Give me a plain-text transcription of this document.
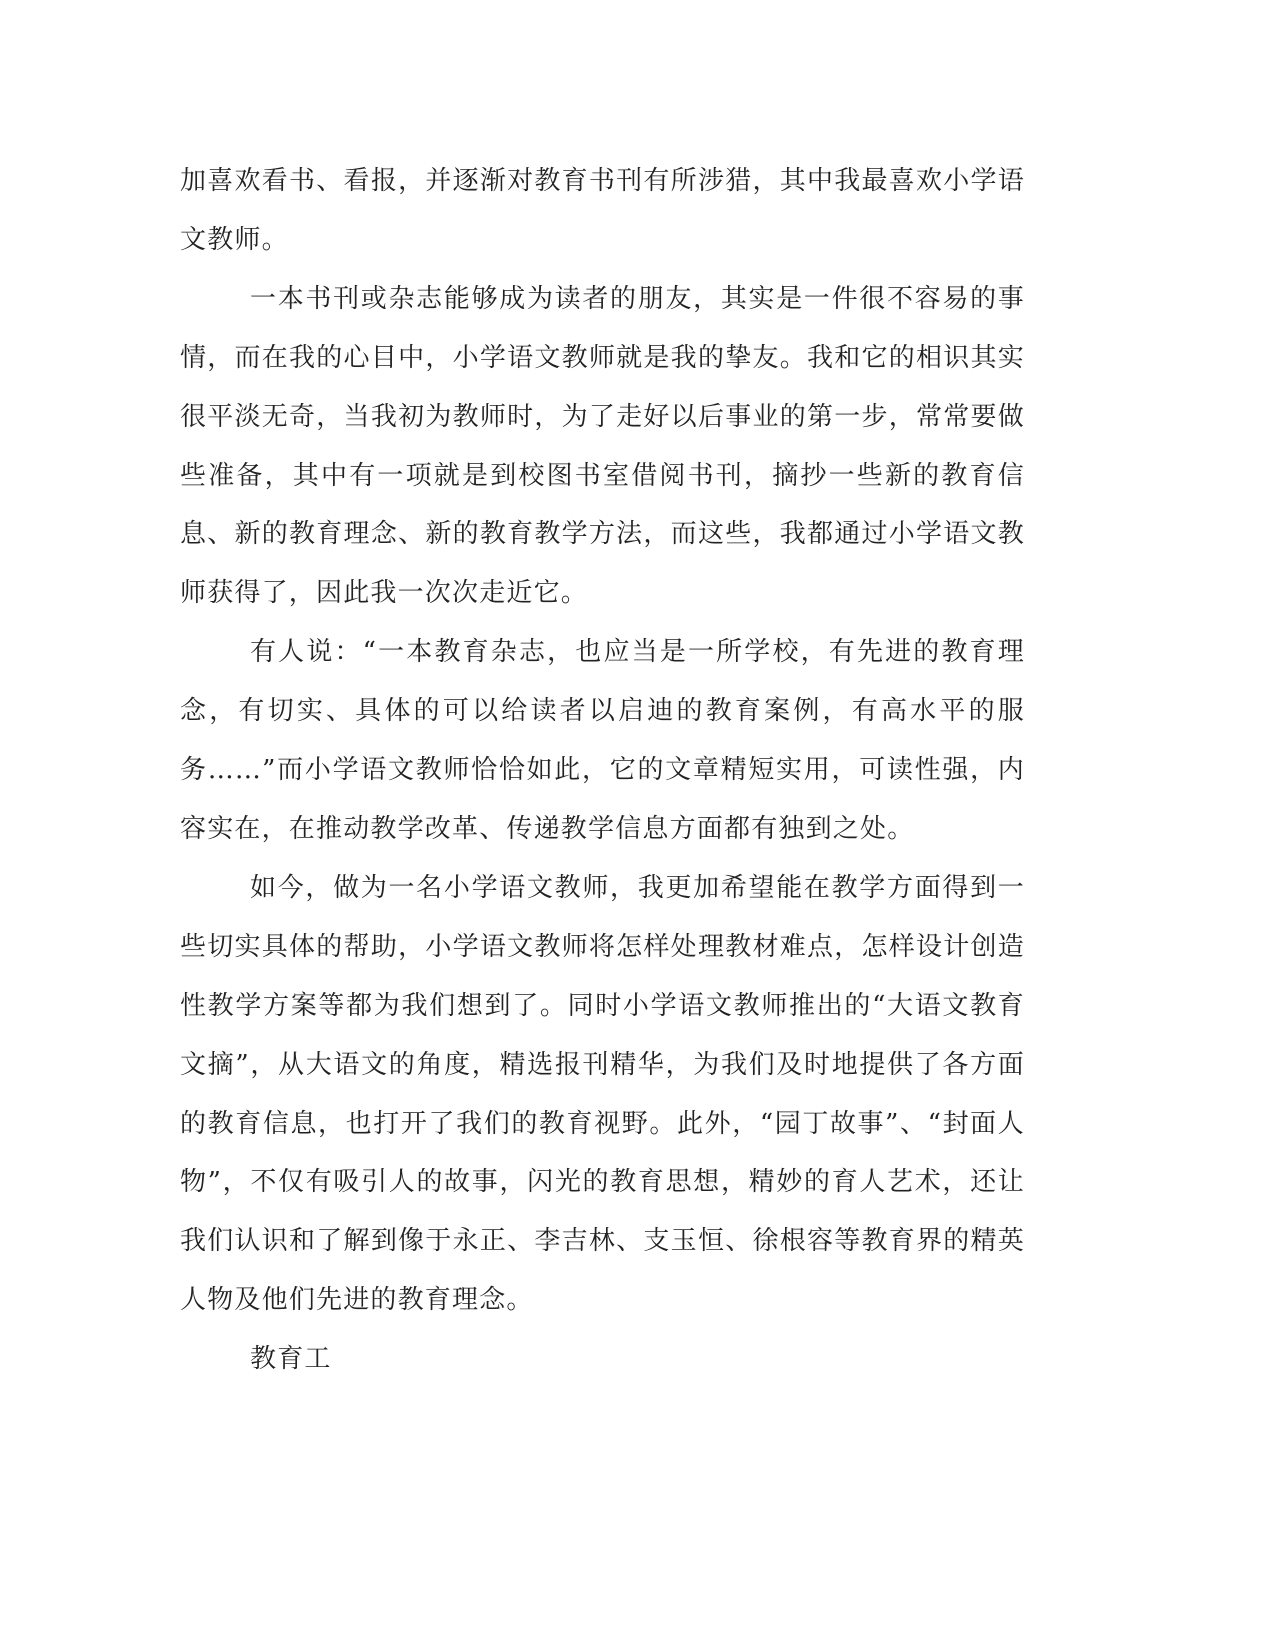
加喜欢看书、看报，并逐渐对教育书刊有所涉猎，其中我最喜欢小学语文教师。

一本书刊或杂志能够成为读者的朋友，其实是一件很不容易的事情，而在我的心目中，小学语文教师就是我的挚友。我和它的相识其实很平淡无奇，当我初为教师时，为了走好以后事业的第一步，常常要做些准备，其中有一项就是到校图书室借阅书刊，摘抄一些新的教育信息、新的教育理念、新的教育教学方法，而这些，我都通过小学语文教师获得了，因此我一次次走近它。

有人说：“一本教育杂志，也应当是一所学校，有先进的教育理念，有切实、具体的可以给读者以启迪的教育案例，有高水平的服务……”而小学语文教师恰恰如此，它的文章精短实用，可读性强，内容实在，在推动教学改革、传递教学信息方面都有独到之处。

如今，做为一名小学语文教师，我更加希望能在教学方面得到一些切实具体的帮助，小学语文教师将怎样处理教材难点，怎样设计创造性教学方案等都为我们想到了。同时小学语文教师推出的“大语文教育文摘”，从大语文的角度，精选报刊精华，为我们及时地提供了各方面的教育信息，也打开了我们的教育视野。此外，“园丁故事”、“封面人物”，不仅有吸引人的故事，闪光的教育思想，精妙的育人艺术，还让我们认识和了解到像于永正、李吉林、支玉恒、徐根容等教育界的精英人物及他们先进的教育理念。

教育工
